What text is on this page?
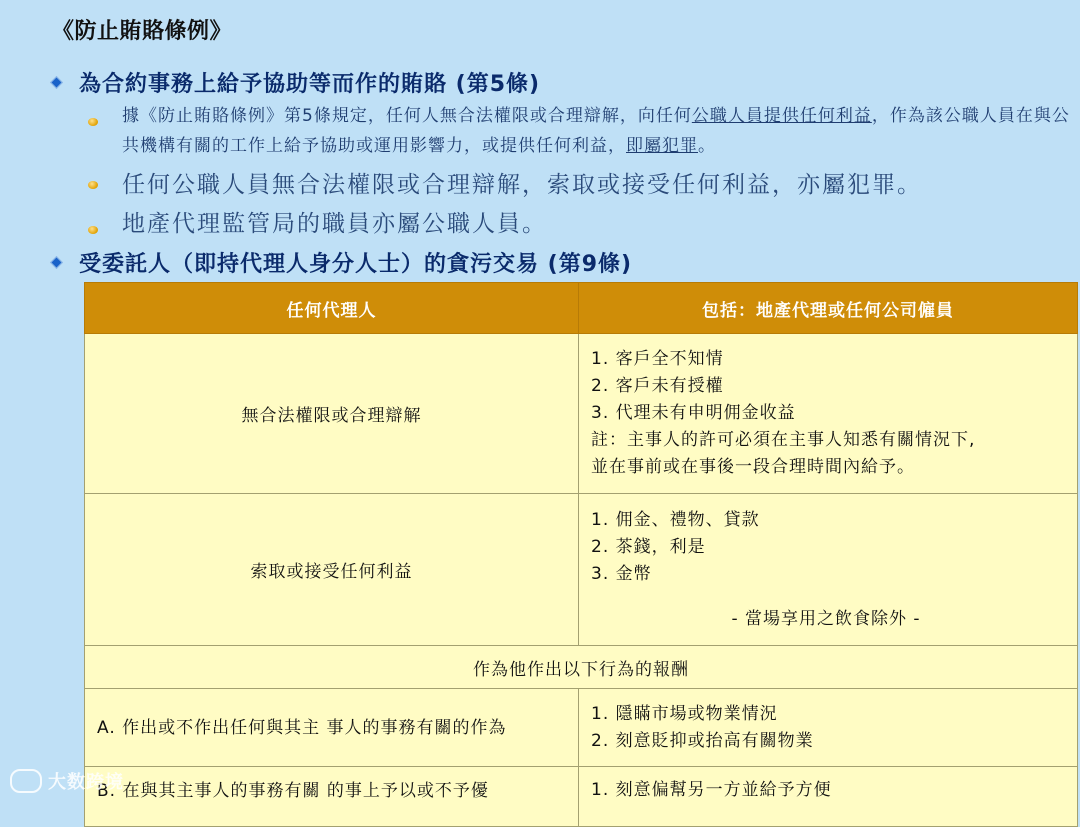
《防止賄賂條例》
為合約事務上給予協助等而作的賄賂 (第5條)
據《防止賄賂條例》第5條規定，任何人無合法權限或合理辯解，向任何公職人員提供任何利益，作為該公職人員在與公共機構有關的工作上給予協助或運用影響力，或提供任何利益，即屬犯罪。
任何公職人員無合法權限或合理辯解，索取或接受任何利益，亦屬犯罪。
地產代理監管局的職員亦屬公職人員。
受委託人（即持代理人身分人士）的貪污交易 (第9條)
任何代理人	包括：地產代理或任何公司僱員
無合法權限或合理辯解	1. 客戶全不知情
2. 客戶未有授權
3. 代理未有申明佣金收益
註：主事人的許可必須在主事人知悉有關情況下,
並在事前或在事後一段合理時間內給予。

索取或接受任何利益	1. 佣金、禮物、貸款
2. 茶錢，利是
3. 金幣
- 當場享用之飲食除外 -

作為他作出以下行為的報酬	
A. 作出或不作出任何與其主 事人的事務有關的作為	1. 隱瞞市場或物業情況
2. 刻意貶抑或抬高有關物業

B. 在與其主事人的事務有關 的事上予以或不予優	1. 刻意偏幫另一方並給予方便
大数跨境
